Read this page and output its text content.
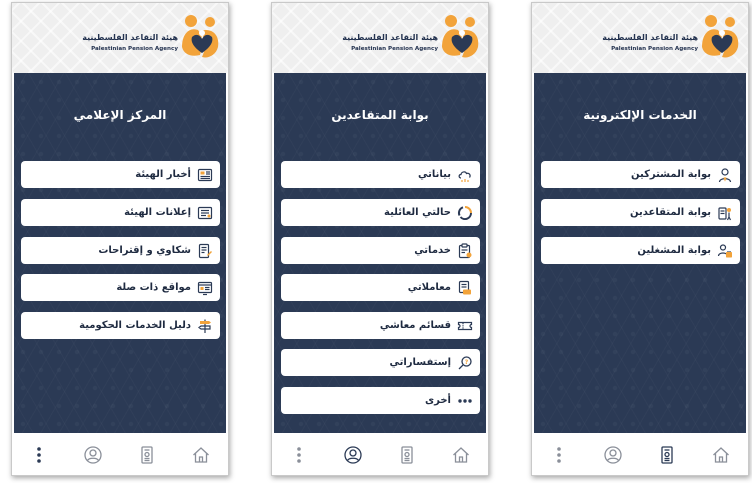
هيئة التقاعد الفلسطينية
Palestinian Pension Agency
المركز الإعلامي
أخبار الهيئة
إعلانات الهيئة
شكاوي و إقتراحات
مواقع ذات صلة
دليل الخدمات الحكومية
هيئة التقاعد الفلسطينية
Palestinian Pension Agency
بوابة المتقاعدين
بياناتي
حالتي العائلية
خدماتي
معاملاتي
قسائم معاشي
?
إستفساراتي
أخرى
هيئة التقاعد الفلسطينية
Palestinian Pension Agency
الخدمات الإلكترونية
بوابة المشتركين
بوابة المتقاعدين
بوابة المشغلين
